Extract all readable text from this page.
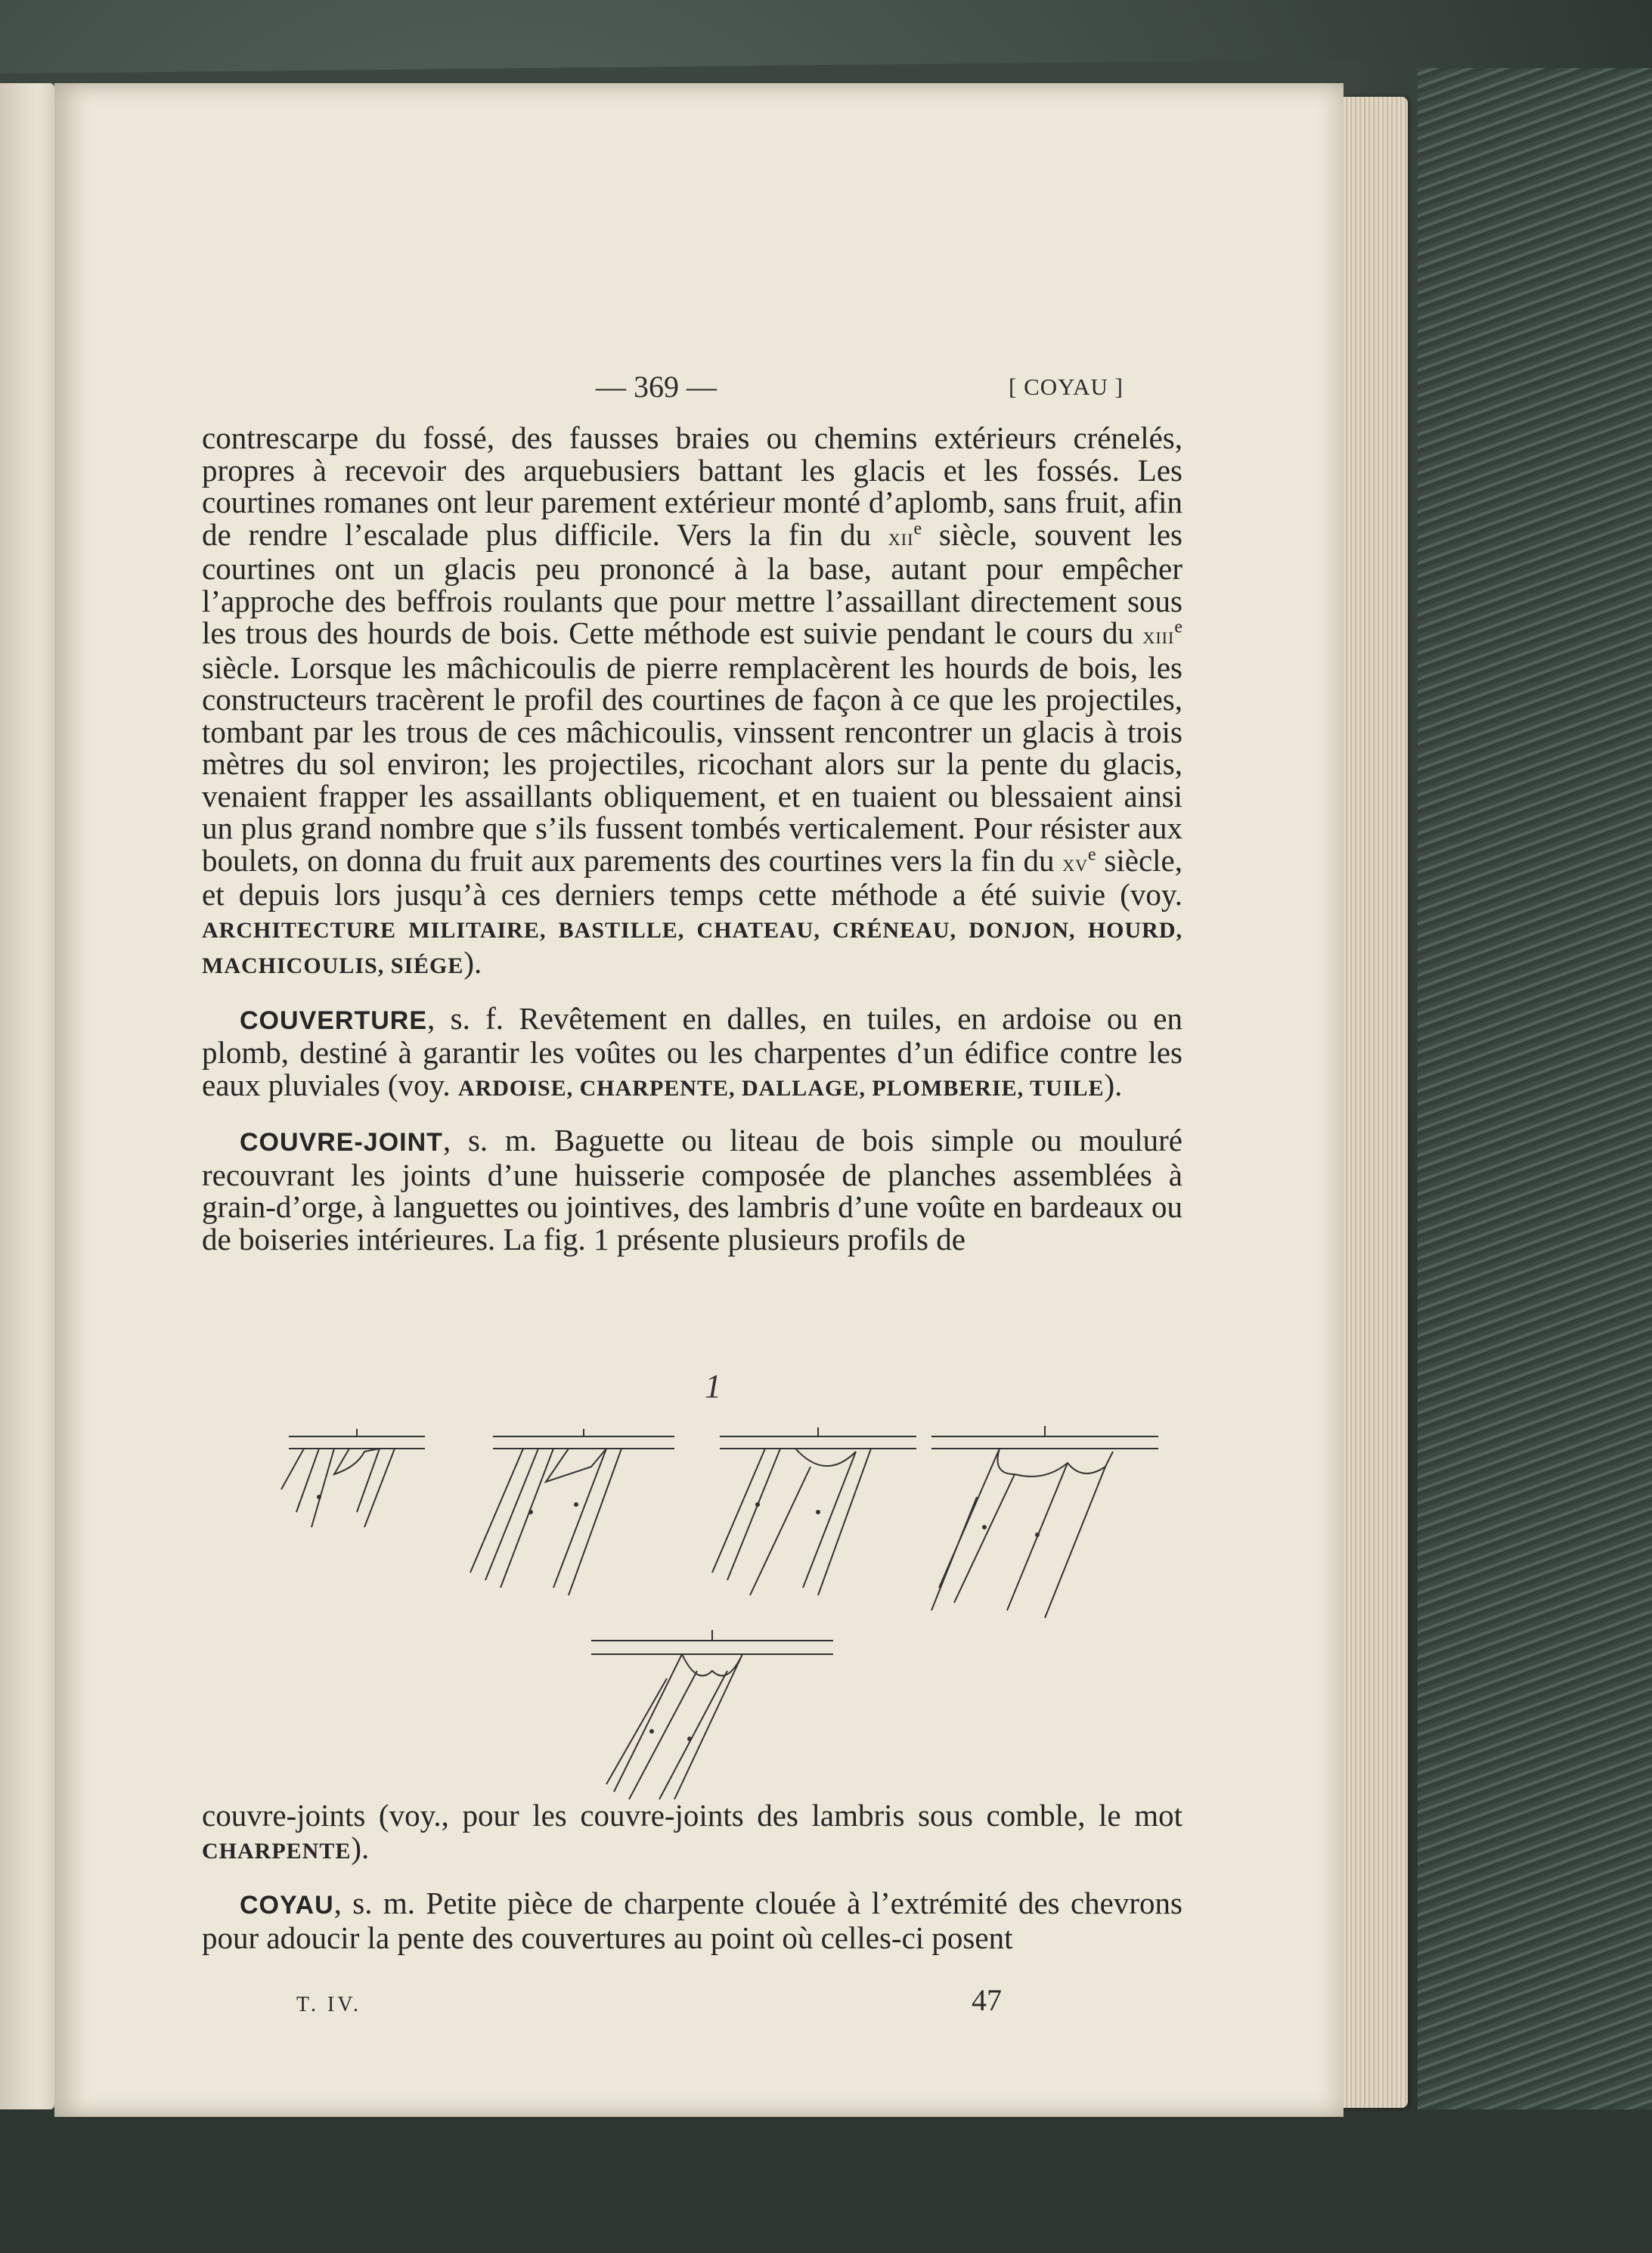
— 369 —	[ COYAU ]

contrescarpe du fossé, des fausses braies ou chemins extérieurs crénelés, propres à recevoir des arquebusiers battant les glacis et les fossés. Les courtines romanes ont leur parement extérieur monté d’aplomb, sans fruit, afin de rendre l’escalade plus difficile. Vers la fin du xii$^e$ siècle, souvent les courtines ont un glacis peu prononcé à la base, autant pour empêcher l’approche des beffrois roulants que pour mettre l’assaillant directement sous les trous des hourds de bois. Cette méthode est suivie pendant le cours du xiii$^e$ siècle. Lorsque les mâchicoulis de pierre remplacèrent les hourds de bois, les constructeurs tracèrent le profil des courtines de façon à ce que les projectiles, tombant par les trous de ces mâchicoulis, vinssent rencontrer un glacis à trois mètres du sol environ; les projectiles, ricochant alors sur la pente du glacis, venaient frapper les assaillants obliquement, et en tuaient ou blessaient ainsi un plus grand nombre que s’ils fussent tombés verticalement. Pour résister aux boulets, on donna du fruit aux parements des courtines vers la fin du $xv^e$ siècle, et depuis lors jusqu’à ces derniers temps cette méthode a été suivie (voy. ARCHITECTURE MILITAIRE, BASTILLE, CHATEAU, CRÉNEAU, DONJON, HOURD, MACHICOULIS, SIÉGE).

COUVERTURE, s. f. Revêtement en dalles, en tuiles, en ardoise ou en plomb, destiné à garantir les voûtes ou les charpentes d’un édifice contre les eaux pluviales (voy. ARDOISE, CHARPENTE, DALLAGE, PLOMBERIE, TUILE).

COUVRE-JOINT, s. m. Baguette ou liteau de bois simple ou mouluré recouvrant les joints d’une huisserie composée de planches assemblées à grain-d’orge, à languettes ou jointives, des lambris d’une voûte en bardeaux ou de boiseries intérieures. La fig. 1 présente plusieurs profils de

1

couvre-joints (voy., pour les couvre-joints des lambris sous comble, le mot CHARPENTE).

COYAU, s. m. Petite pièce de charpente clouée à l’extrémité des chevrons pour adoucir la pente des couvertures au point où celles-ci posent

T. IV.	47
